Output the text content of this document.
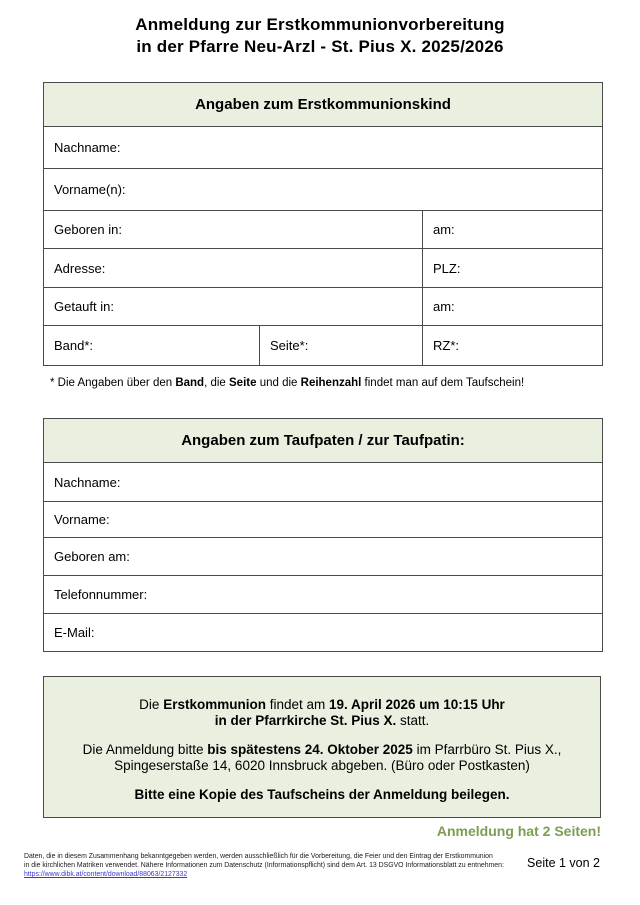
Anmeldung zur Erstkommunionvorbereitung
in der Pfarre Neu-Arzl - St. Pius X. 2025/2026
Angaben zum Erstkommunionskind
Nachname:
Vorname(n):
Geboren in:	am:
Adresse:	PLZ:
Getauft in:	am:
Band*:	Seite*:	RZ*:
* Die Angaben über den Band, die Seite und die Reihenzahl findet man auf dem Taufschein!
Angaben zum Taufpaten / zur Taufpatin:
Nachname:
Vorname:
Geboren am:
Telefonnummer:
E-Mail:

Die Erstkommunion findet am 19. April 2026 um 10:15 Uhr
in der Pfarrkirche St. Pius X. statt.

Die Anmeldung bitte bis spätestens 24. Oktober 2025 im Pfarrbüro St. Pius X.,
Spingeserstaße 14, 6020 Innsbruck abgeben. (Büro oder Postkasten)

Bitte eine Kopie des Taufscheins der Anmeldung beilegen.

Anmeldung hat 2 Seiten!
Daten, die in diesem Zusammenhang bekanntgegeben werden, werden ausschließlich für die Vorbereitung, die Feier und den Eintrag der Erstkommunion
in die kirchlichen Matriken verwendet. Nähere Informationen zum Datenschutz (Informationspflicht) sind dem Art. 13 DSGVO Informationsblatt zu entnehmen:
https://www.dibk.at/content/download/88063/2127332
Seite 1 von 2
